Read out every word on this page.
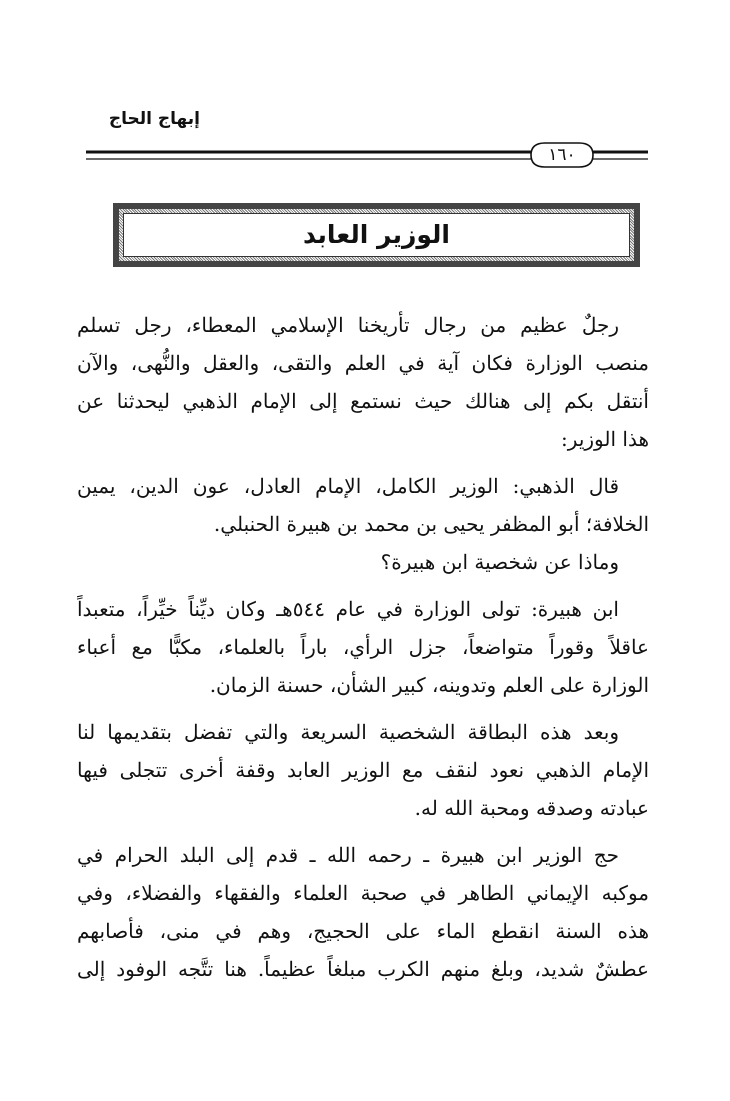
إبهاج الحاج
١٦٠
الوزير العابد
رجلٌ عظيم من رجال تأريخنا الإسلامي المعطاء، رجل تسلم
منصب الوزارة فكان آية في العلم والتقى، والعقل والنُّهى، والآن
أنتقل بكم إلى هنالك حيث نستمع إلى الإمام الذهبي ليحدثنا عن
هذا الوزير:
قال الذهبي: الوزير الكامل، الإمام العادل، عون الدين، يمين
الخلافة؛ أبو المظفر يحيى بن محمد بن هبيرة الحنبلي.
وماذا عن شخصية ابن هبيرة؟
ابن هبيرة: تولى الوزارة في عام ٥٤٤هـ وكان ديِّناً خيِّراً، متعبداً
عاقلاً وقوراً متواضعاً، جزل الرأي، باراً بالعلماء، مكبًّا مع أعباء
الوزارة على العلم وتدوينه، كبير الشأن، حسنة الزمان.
وبعد هذه البطاقة الشخصية السريعة والتي تفضل بتقديمها لنا
الإمام الذهبي نعود لنقف مع الوزير العابد وقفة أخرى تتجلى فيها
عبادته وصدقه ومحبة الله له.
حج الوزير ابن هبيرة ـ رحمه الله ـ قدم إلى البلد الحرام في
موكبه الإيماني الطاهر في صحبة العلماء والفقهاء والفضلاء، وفي
هذه السنة انقطع الماء على الحجيج، وهم في منى، فأصابهم
عطشٌ شديد، وبلغ منهم الكرب مبلغاً عظيماً. هنا تتَّجه الوفود إلى
